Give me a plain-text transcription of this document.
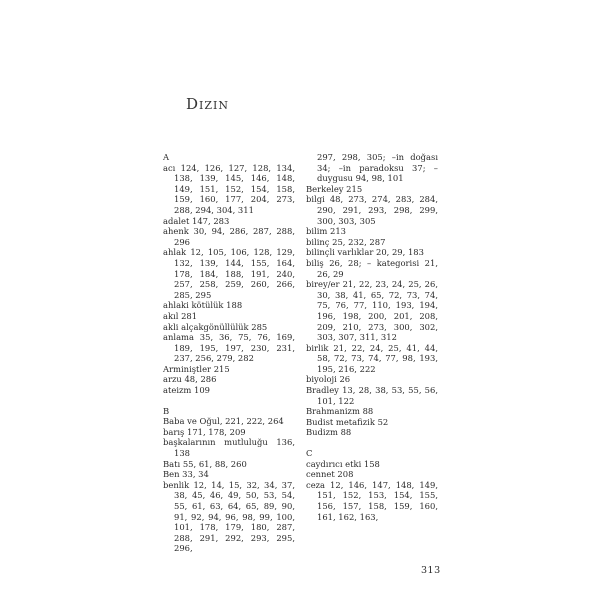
Dizin
A
acı 124, 126, 127, 128, 134, 138, 139, 145, 146, 148, 149, 151, 152, 154, 158, 159, 160, 177, 204, 273, 288, 294, 304, 311
adalet 147, 283
ahenk 30, 94, 286, 287, 288, 296
ahlak 12, 105, 106, 128, 129, 132, 139, 144, 155, 164, 178, 184, 188, 191, 240, 257, 258, 259, 260, 266, 285, 295
ahlaki kötülük 188
akıl 281
akli alçakgönüllülük 285
anlama 35, 36, 75, 76, 169, 189, 195, 197, 230, 231, 237, 256, 279, 282
Arminiştler 215
arzu 48, 286
ateizm 109
B
Baba ve Oğul, 221, 222, 264
barış 171, 178, 209
başkalarının mutluluğu 136, 138
Batı 55, 61, 88, 260
Ben 33, 34
benlik 12, 14, 15, 32, 34, 37, 38, 45, 46, 49, 50, 53, 54, 55, 61, 63, 64, 65, 89, 90, 91, 92, 94, 96, 98, 99, 100, 101, 178, 179, 180, 287, 288, 291, 292, 293, 295, 296,
297, 298, 305; –in doğası 34; –in paradoksu 37; – duygusu 94, 98, 101
Berkeley 215
bilgi 48, 273, 274, 283, 284, 290, 291, 293, 298, 299, 300, 303, 305
bilim 213
bilinç 25, 232, 287
bilinçli varlıklar 20, 29, 183
biliş 26, 28; – kategorisi 21, 26, 29
birey/er 21, 22, 23, 24, 25, 26, 30, 38, 41, 65, 72, 73, 74, 75, 76, 77, 110, 193, 194, 196, 198, 200, 201, 208, 209, 210, 273, 300, 302, 303, 307, 311, 312
birlik 21, 22, 24, 25, 41, 44, 58, 72, 73, 74, 77, 98, 193, 195, 216, 222
biyoloji 26
Bradley 13, 28, 38, 53, 55, 56, 101, 122
Brahmanizm 88
Budist metafizik 52
Budizm 88
C
caydırıcı etki 158
cennet 208
ceza 12, 146, 147, 148, 149, 151, 152, 153, 154, 155, 156, 157, 158, 159, 160, 161, 162, 163,
313
